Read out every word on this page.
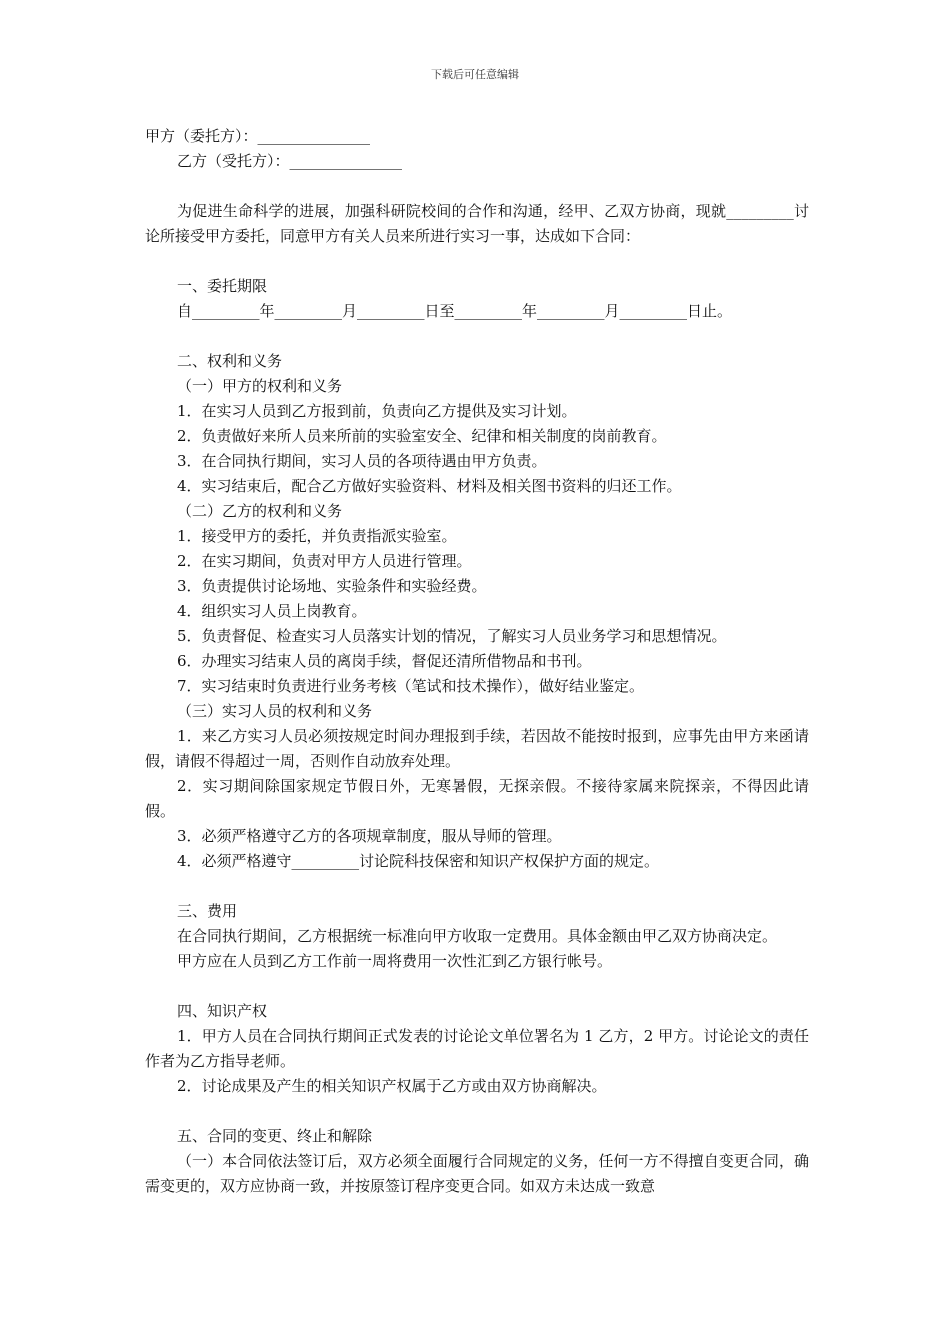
下载后可任意编辑
甲方（委托方）：_______________
乙方（受托方）：_______________
为促进生命科学的进展，加强科研院校间的合作和沟通，经甲、乙双方协商，现就_________讨论所接受甲方委托，同意甲方有关人员来所进行实习一事，达成如下合同：
一、委托期限
自_________年_________月_________日至_________年_________月_________日止。
二、权利和义务
（一）甲方的权利和义务
1．在实习人员到乙方报到前，负责向乙方提供及实习计划。
2．负责做好来所人员来所前的实验室安全、纪律和相关制度的岗前教育。
3．在合同执行期间，实习人员的各项待遇由甲方负责。
4．实习结束后，配合乙方做好实验资料、材料及相关图书资料的归还工作。
（二）乙方的权利和义务
1．接受甲方的委托，并负责指派实验室。
2．在实习期间，负责对甲方人员进行管理。
3．负责提供讨论场地、实验条件和实验经费。
4．组织实习人员上岗教育。
5．负责督促、检查实习人员落实计划的情况，了解实习人员业务学习和思想情况。
6．办理实习结束人员的离岗手续，督促还清所借物品和书刊。
7．实习结束时负责进行业务考核（笔试和技术操作），做好结业鉴定。
（三）实习人员的权利和义务
1．来乙方实习人员必须按规定时间办理报到手续，若因故不能按时报到，应事先由甲方来函请假，请假不得超过一周，否则作自动放弃处理。
2．实习期间除国家规定节假日外，无寒暑假，无探亲假。不接待家属来院探亲，不得因此请假。
3．必须严格遵守乙方的各项规章制度，服从导师的管理。
4．必须严格遵守_________讨论院科技保密和知识产权保护方面的规定。
三、费用
在合同执行期间，乙方根据统一标准向甲方收取一定费用。具体金额由甲乙双方协商决定。
甲方应在人员到乙方工作前一周将费用一次性汇到乙方银行帐号。
四、知识产权
1．甲方人员在合同执行期间正式发表的讨论论文单位署名为 1 乙方，2 甲方。讨论论文的责任作者为乙方指导老师。
2．讨论成果及产生的相关知识产权属于乙方或由双方协商解决。
五、合同的变更、终止和解除
（一）本合同依法签订后，双方必须全面履行合同规定的义务，任何一方不得擅自变更合同，确需变更的，双方应协商一致，并按原签订程序变更合同。如双方未达成一致意
